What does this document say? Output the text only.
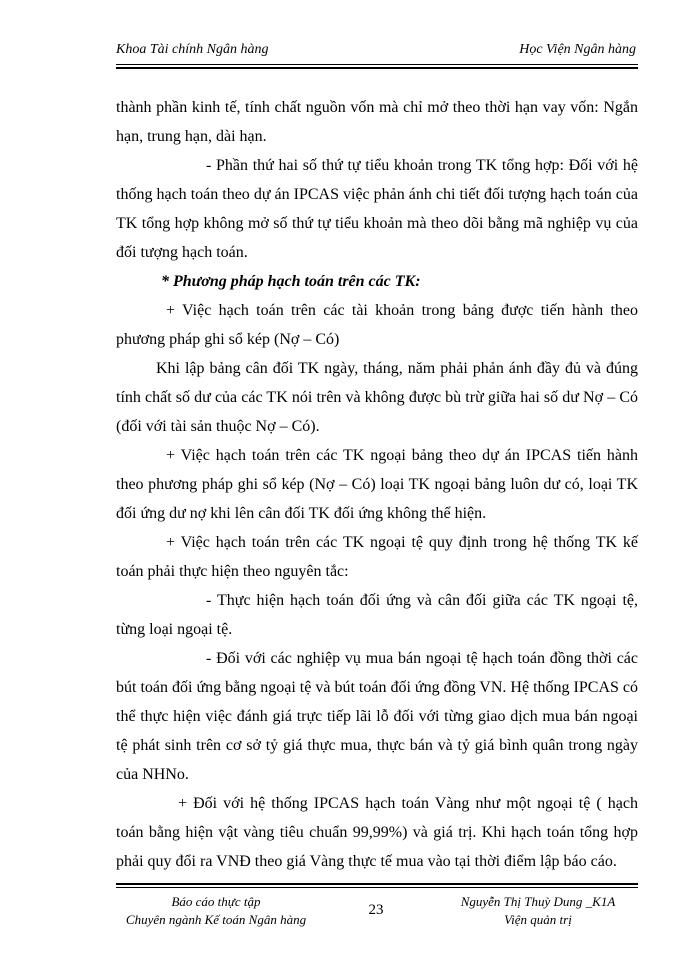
Khoa Tài chính Ngân hàng	Học Viện Ngân hàng

thành phần kinh tế, tính chất nguồn vốn mà chỉ mở theo thời hạn vay vốn: Ngắn hạn, trung hạn, dài hạn.

- Phần thứ hai số thứ tự tiểu khoản trong TK tổng hợp: Đối với hệ thống hạch toán theo dự án IPCAS việc phản ánh chi tiết đối tượng hạch toán của TK tổng hợp không mở số thứ tự tiểu khoản mà theo dõi bằng mã nghiệp vụ của đối tượng hạch toán.

* Phương pháp hạch toán trên các TK:

+ Việc hạch toán trên các tài khoản trong bảng được tiến hành theo phương pháp ghi sổ kép (Nợ – Có)

Khi lập bảng cân đối TK ngày, tháng, năm phải phản ánh đầy đủ và đúng tính chất số dư của các TK nói trên và không được bù trừ giữa hai số dư Nợ – Có (đối với tài sản thuộc Nợ – Có).

+ Việc hạch toán trên các TK ngoại bảng theo dự án IPCAS tiến hành theo phương pháp ghi sổ kép (Nợ – Có) loại TK ngoại bảng luôn dư có, loại TK đối ứng dư nợ khi lên cân đối TK đối ứng không thể hiện.

+ Việc hạch toán trên các TK ngoại tệ quy định trong hệ thống TK kế toán phải thực hiện theo nguyên tắc:

- Thực hiện hạch toán đối ứng và cân đối giữa các TK ngoại tệ, từng loại ngoại tệ.

- Đối với các nghiệp vụ mua bán ngoại tệ hạch toán đồng thời các bút toán đối ứng bằng ngoại tệ và bút toán đối ứng đồng VN. Hệ thống IPCAS có thể thực hiện việc đánh giá trực tiếp lãi lỗ đối với từng giao dịch mua bán ngoại tệ phát sinh trên cơ sở tỷ giá thực mua, thực bán và tỷ giá bình quân trong ngày của NHNo.

+ Đối với hệ thống IPCAS hạch toán Vàng như một ngoại tệ ( hạch toán bằng hiện vật vàng tiêu chuẩn 99,99%) và giá trị. Khi hạch toán tổng hợp phải quy đổi ra VNĐ theo giá Vàng thực tế mua vào tại thời điểm lập báo cáo.

Báo cáo thực tập
Chuyên ngành Kế toán Ngân hàng
23
Nguyễn Thị Thuỳ Dung _K1A
Viện quản trị
